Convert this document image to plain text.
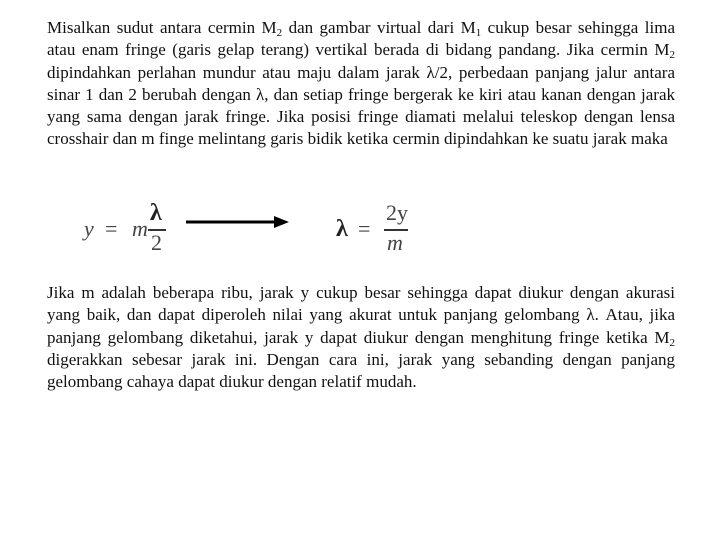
Misalkan sudut antara cermin $M_2$ dan gambar virtual dari $M_1$ cukup besar sehingga lima atau enam fringe (garis gelap terang) vertikal berada di bidang pandang. Jika cermin $M_2$ dipindahkan perlahan mundur atau maju dalam jarak λ/2, perbedaan panjang jalur antara sinar 1 dan 2 berubah dengan λ, dan setiap fringe bergerak ke kiri atau kanan dengan jarak yang sama dengan jarak fringe. Jika posisi fringe diamati melalui teleskop dengan lensa crosshair dan m finge melintang garis bidik ketika cermin dipindahkan ke suatu jarak maka

y = m
λ
2
λ =
2y
m

Jika m adalah beberapa ribu, jarak y cukup besar sehingga dapat diukur dengan akurasi yang baik, dan dapat diperoleh nilai yang akurat untuk panjang gelombang λ. Atau, jika panjang gelombang diketahui, jarak y dapat diukur dengan menghitung fringe ketika $M_2$ digerakkan sebesar jarak ini. Dengan cara ini, jarak yang sebanding dengan panjang gelombang cahaya dapat diukur dengan relatif mudah.
